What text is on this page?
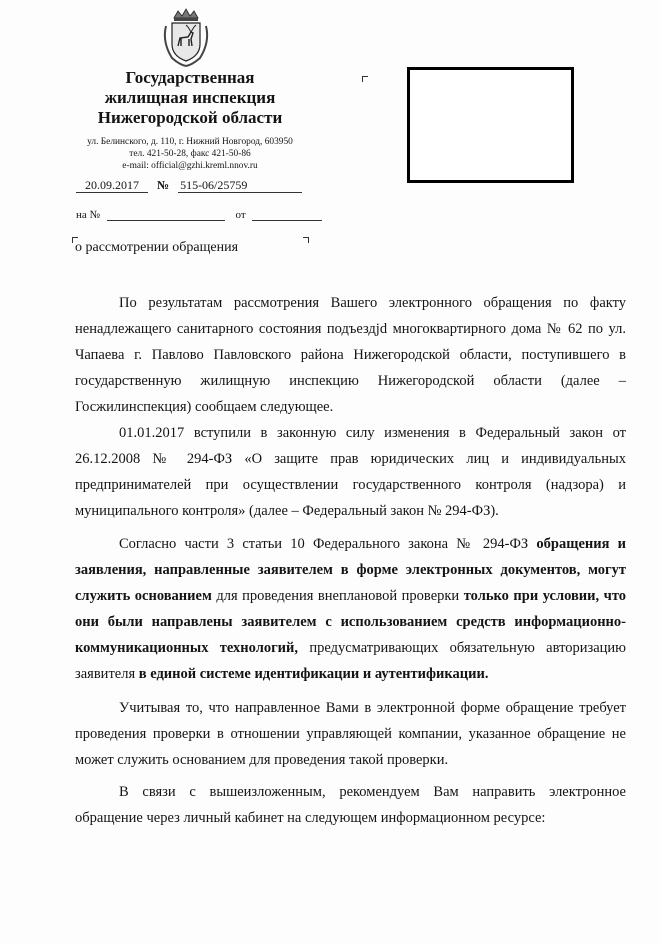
Государственная
жилищная инспекция
Нижегородской области
ул. Белинского, д. 110, г. Нижний Новгород, 603950
тел. 421-50-28, факс 421-50-86
e-mail: official@gzhi.kreml.nnov.ru
20.09.2017 № 515-06/25759
на №	от
о рассмотрении обращения

По результатам рассмотрения Вашего электронного обращения по факту ненадлежащего санитарного состояния подъездjd многоквартирного дома № 62 по ул. Чапаева г. Павлово Павловского района Нижегородской области, поступившего в государственную жилищную инспекцию Нижегородской области (далее – Госжилинспекция) сообщаем следующее.

01.01.2017 вступили в законную силу изменения в Федеральный закон от 26.12.2008 № 294-ФЗ «О защите прав юридических лиц и индивидуальных предпринимателей при осуществлении государственного контроля (надзора) и муниципального контроля» (далее – Федеральный закон № 294-ФЗ).

Согласно части 3 статьи 10 Федерального закона № 294-ФЗ обращения и заявления, направленные заявителем в форме электронных документов, могут служить основанием для проведения внеплановой проверки только при условии, что они были направлены заявителем с использованием средств информационно-коммуникационных технологий, предусматривающих обязательную авторизацию заявителя в единой системе идентификации и аутентификации.

Учитывая то, что направленное Вами в электронной форме обращение требует проведения проверки в отношении управляющей компании, указанное обращение не может служить основанием для проведения такой проверки.

В связи с вышеизложенным, рекомендуем Вам направить электронное обращение через личный кабинет на следующем информационном ресурсе:
